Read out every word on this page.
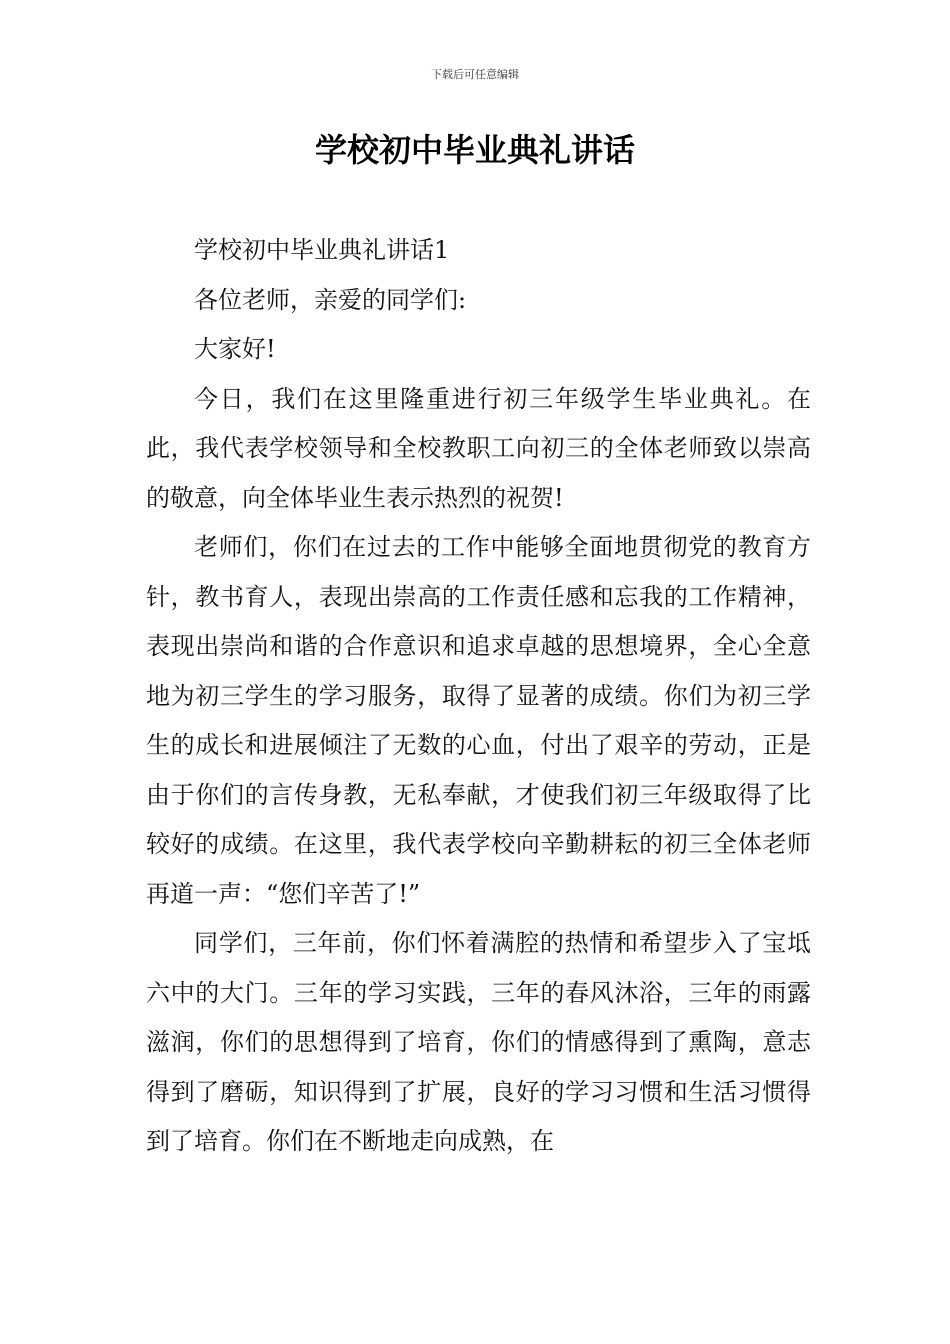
下载后可任意编辑
学校初中毕业典礼讲话

学校初中毕业典礼讲话1

各位老师，亲爱的同学们:

大家好!

今日，我们在这里隆重进行初三年级学生毕业典礼。在此，我代表学校领导和全校教职工向初三的全体老师致以崇高的敬意，向全体毕业生表示热烈的祝贺!

老师们，你们在过去的工作中能够全面地贯彻党的教育方针，教书育人，表现出崇高的工作责任感和忘我的工作精神，表现出崇尚和谐的合作意识和追求卓越的思想境界，全心全意地为初三学生的学习服务，取得了显著的成绩。你们为初三学生的成长和进展倾注了无数的心血，付出了艰辛的劳动，正是由于你们的言传身教，无私奉献，才使我们初三年级取得了比较好的成绩。在这里，我代表学校向辛勤耕耘的初三全体老师再道一声：“您们辛苦了!”

同学们，三年前，你们怀着满腔的热情和希望步入了宝坻六中的大门。三年的学习实践，三年的春风沐浴，三年的雨露滋润，你们的思想得到了培育，你们的情感得到了熏陶，意志得到了磨砺，知识得到了扩展，良好的学习习惯和生活习惯得到了培育。你们在不断地走向成熟，在
